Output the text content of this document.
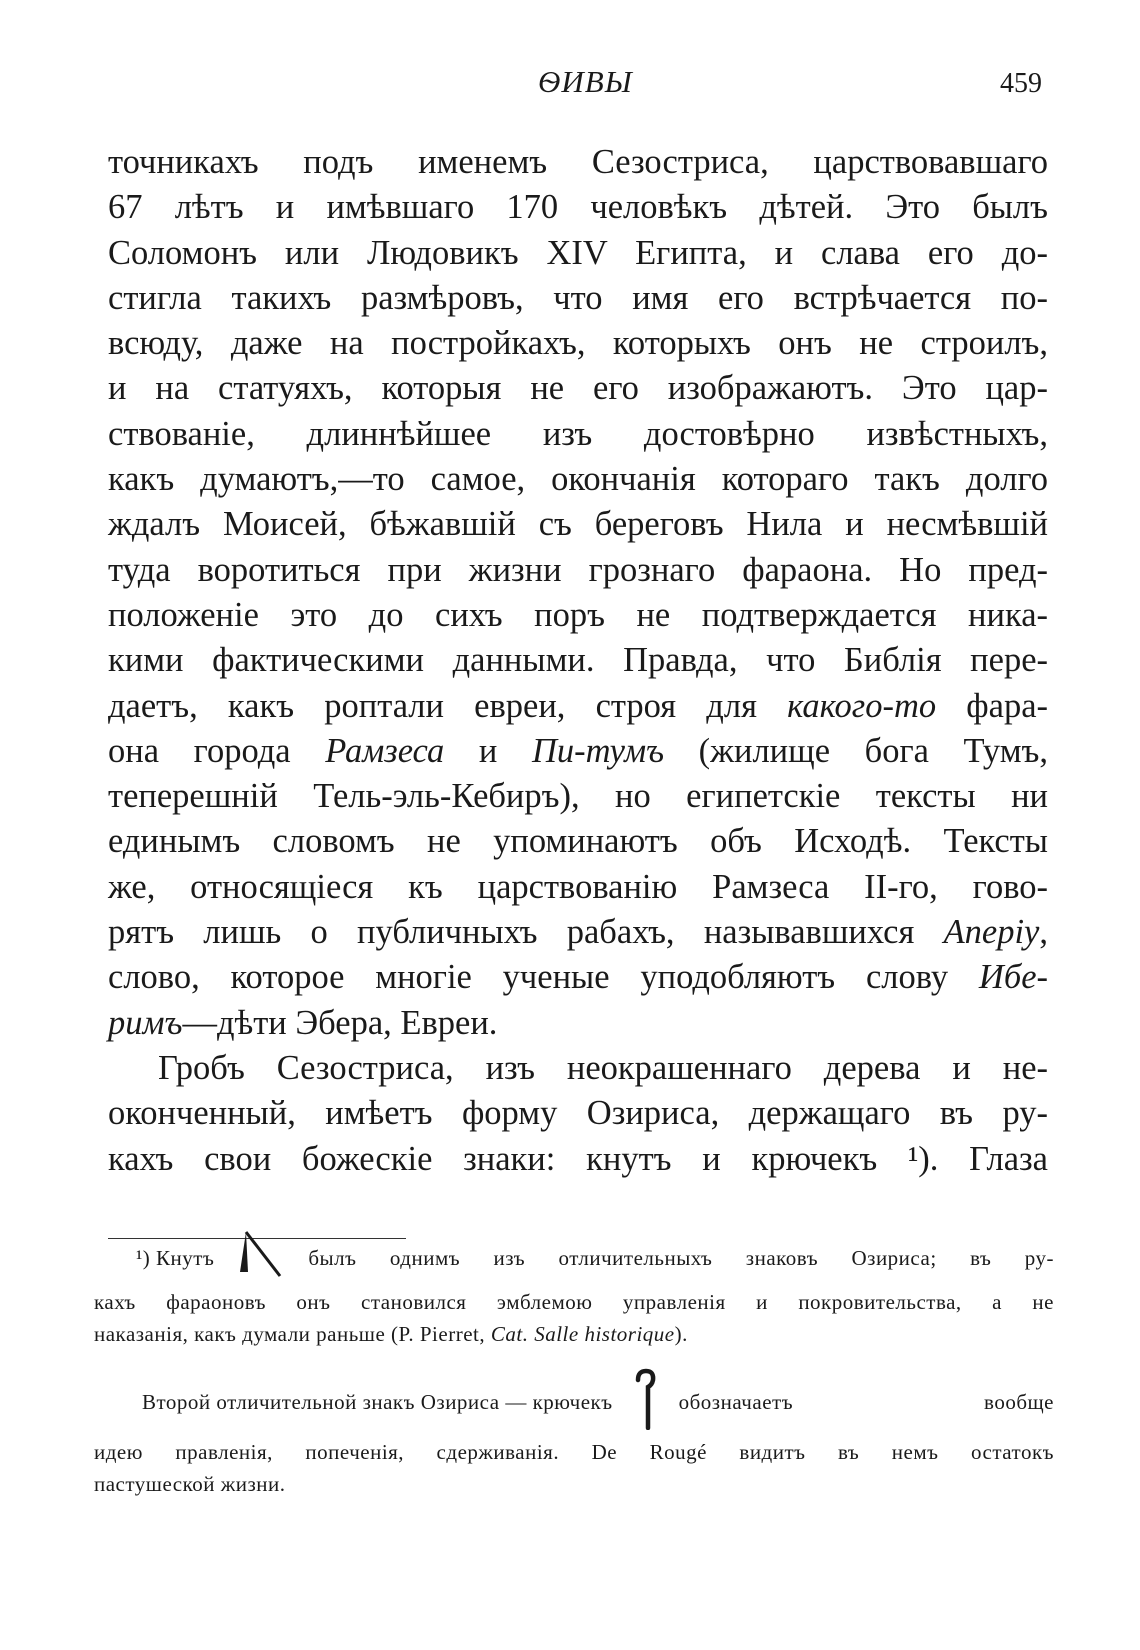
ѲИВЫ	459
точникахъ подъ именемъ Сезостриса, царствовавшаго
67 лѣтъ и имѣвшаго 170 человѣкъ дѣтей. Это былъ
Соломонъ или Людовикъ XIV Египта, и слава его до-
стигла такихъ размѣровъ, что имя его встрѣчается по-
всюду, даже на постройкахъ, которыхъ онъ не строилъ,
и на статуяхъ, которыя не его изображаютъ. Это цар-
ствованіе, длиннѣйшее изъ достовѣрно извѣстныхъ,
какъ думаютъ,—то самое, окончанія котораго такъ долго
ждалъ Моисей, бѣжавшій съ береговъ Нила и несмѣвшій
туда воротиться при жизни грознаго фараона. Но пред-
положеніе это до сихъ поръ не подтверждается ника-
кими фактическими данными. Правда, что Библія пере-
даетъ, какъ роптали евреи, строя для какого-то фара-
она города Рамзеса и Пи-тумъ (жилище бога Тумъ,
теперешній Тель-эль-Кебиръ), но египетскіе тексты ни
единымъ словомъ не упоминаютъ объ Исходѣ. Тексты
же, относящіеся къ царствованію Рамзеса II-го, гово-
рятъ лишь о публичныхъ рабахъ, называвшихся Апеpiу,
слово, которое многіе ученые уподобляютъ слову Ибе-
римъ—дѣти Эбера, Евреи.
Гробъ Сезостриса, изъ неокрашеннаго дерева и не-
оконченный, имѣетъ форму Озириса, держащаго въ ру-
кахъ свои божескіе знаки: кнутъ и крючекъ ¹). Глаза
¹) Кнутъ	былъ однимъ изъ отличительныхъ знаковъ Озириса; въ ру-
кахъ фараоновъ онъ становился эмблемою управленія и покровительства, а не
наказанія, какъ думали раньше (P. Pierret, Cat. Salle historique).
Второй отличительной знакъ Озириса — крючекъ	обозначаетъ вообще
идею правленія, попеченія, сдерживанія. De Rougé видитъ въ немъ остатокъ
пастушеской жизни.
